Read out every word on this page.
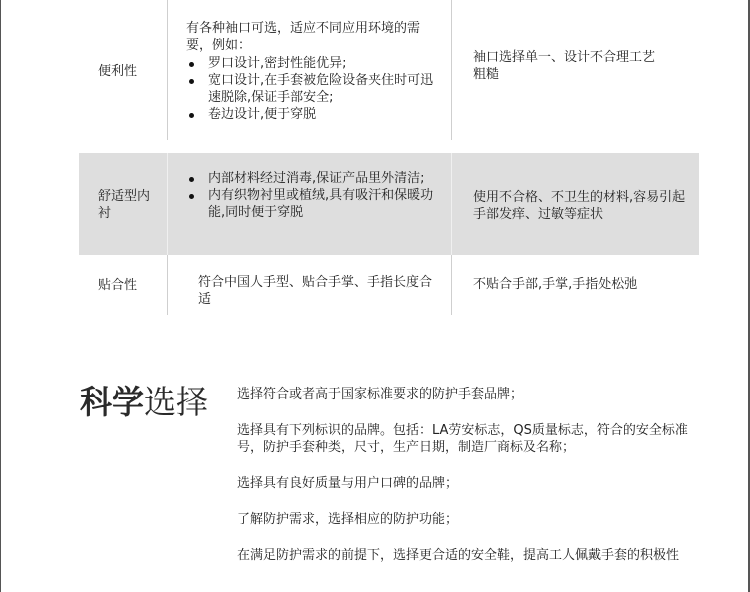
便利性
有各种袖口可选，适应不同应用环境的需要，例如：
罗口设计,密封性能优异;
宽口设计,在手套被危险设备夹住时可迅速脱除,保证手部安全;
卷边设计,便于穿脱
袖口选择单一、设计不合理工艺粗糙
舒适型内衬
内部材料经过消毒,保证产品里外清洁;
内有织物衬里或植绒,具有吸汗和保暖功能,同时便于穿脱
使用不合格、不卫生的材料,容易引起手部发痒、过敏等症状
贴合性	符合中国人手型、贴合手掌、手指长度合适
不贴合手部,手掌,手指处松弛
科学选择 选择符合或者高于国家标准要求的防护手套品牌；
选择具有下列标识的品牌。包括：LA劳安标志，QS质量标志，符合的安全标准号，防护手套种类，尺寸，生产日期，制造厂商标及名称；
选择具有良好质量与用户口碑的品牌；
了解防护需求，选择相应的防护功能；
在满足防护需求的前提下，选择更合适的安全鞋，提高工人佩戴手套的积极性
